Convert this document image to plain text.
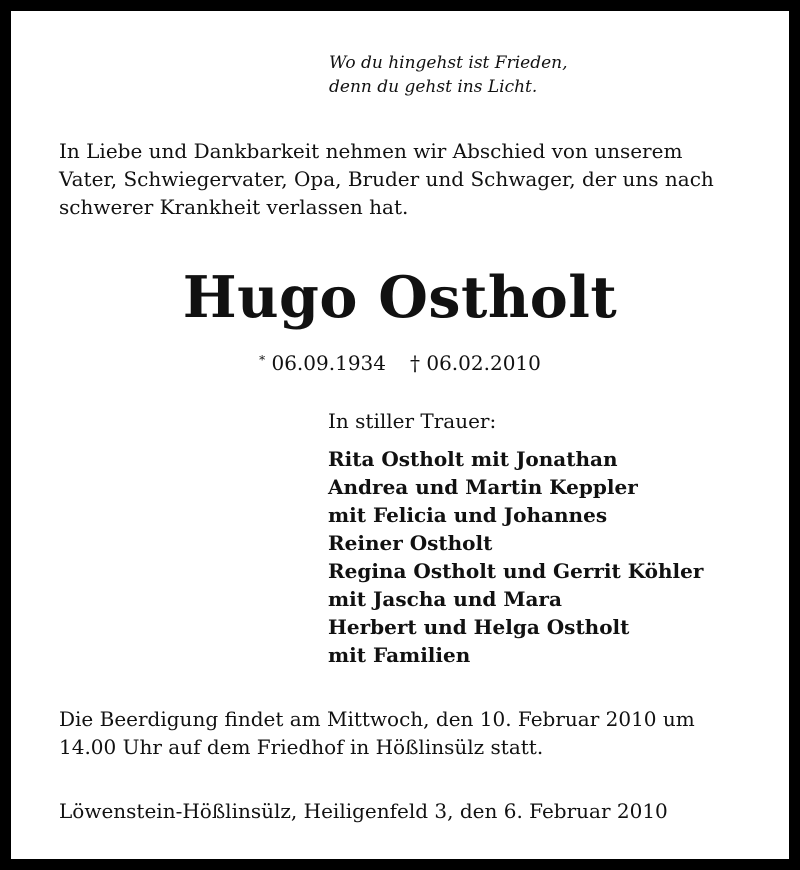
Wo du hingehst ist Frieden,
denn du gehst ins Licht.
In Liebe und Dankbarkeit nehmen wir Abschied von unserem
Vater, Schwiegervater, Opa, Bruder und Schwager, der uns nach
schwerer Krankheit verlassen hat.
Hugo Ostholt
* 06.09.1934 † 06.02.2010
In stiller Trauer:
Rita Ostholt mit Jonathan
Andrea und Martin Keppler
mit Felicia und Johannes
Reiner Ostholt
Regina Ostholt und Gerrit Köhler
mit Jascha und Mara
Herbert und Helga Ostholt
mit Familien
Die Beerdigung findet am Mittwoch, den 10. Februar 2010 um
14.00 Uhr auf dem Friedhof in Hößlinsülz statt.
Löwenstein-Hößlinsülz, Heiligenfeld 3, den 6. Februar 2010
